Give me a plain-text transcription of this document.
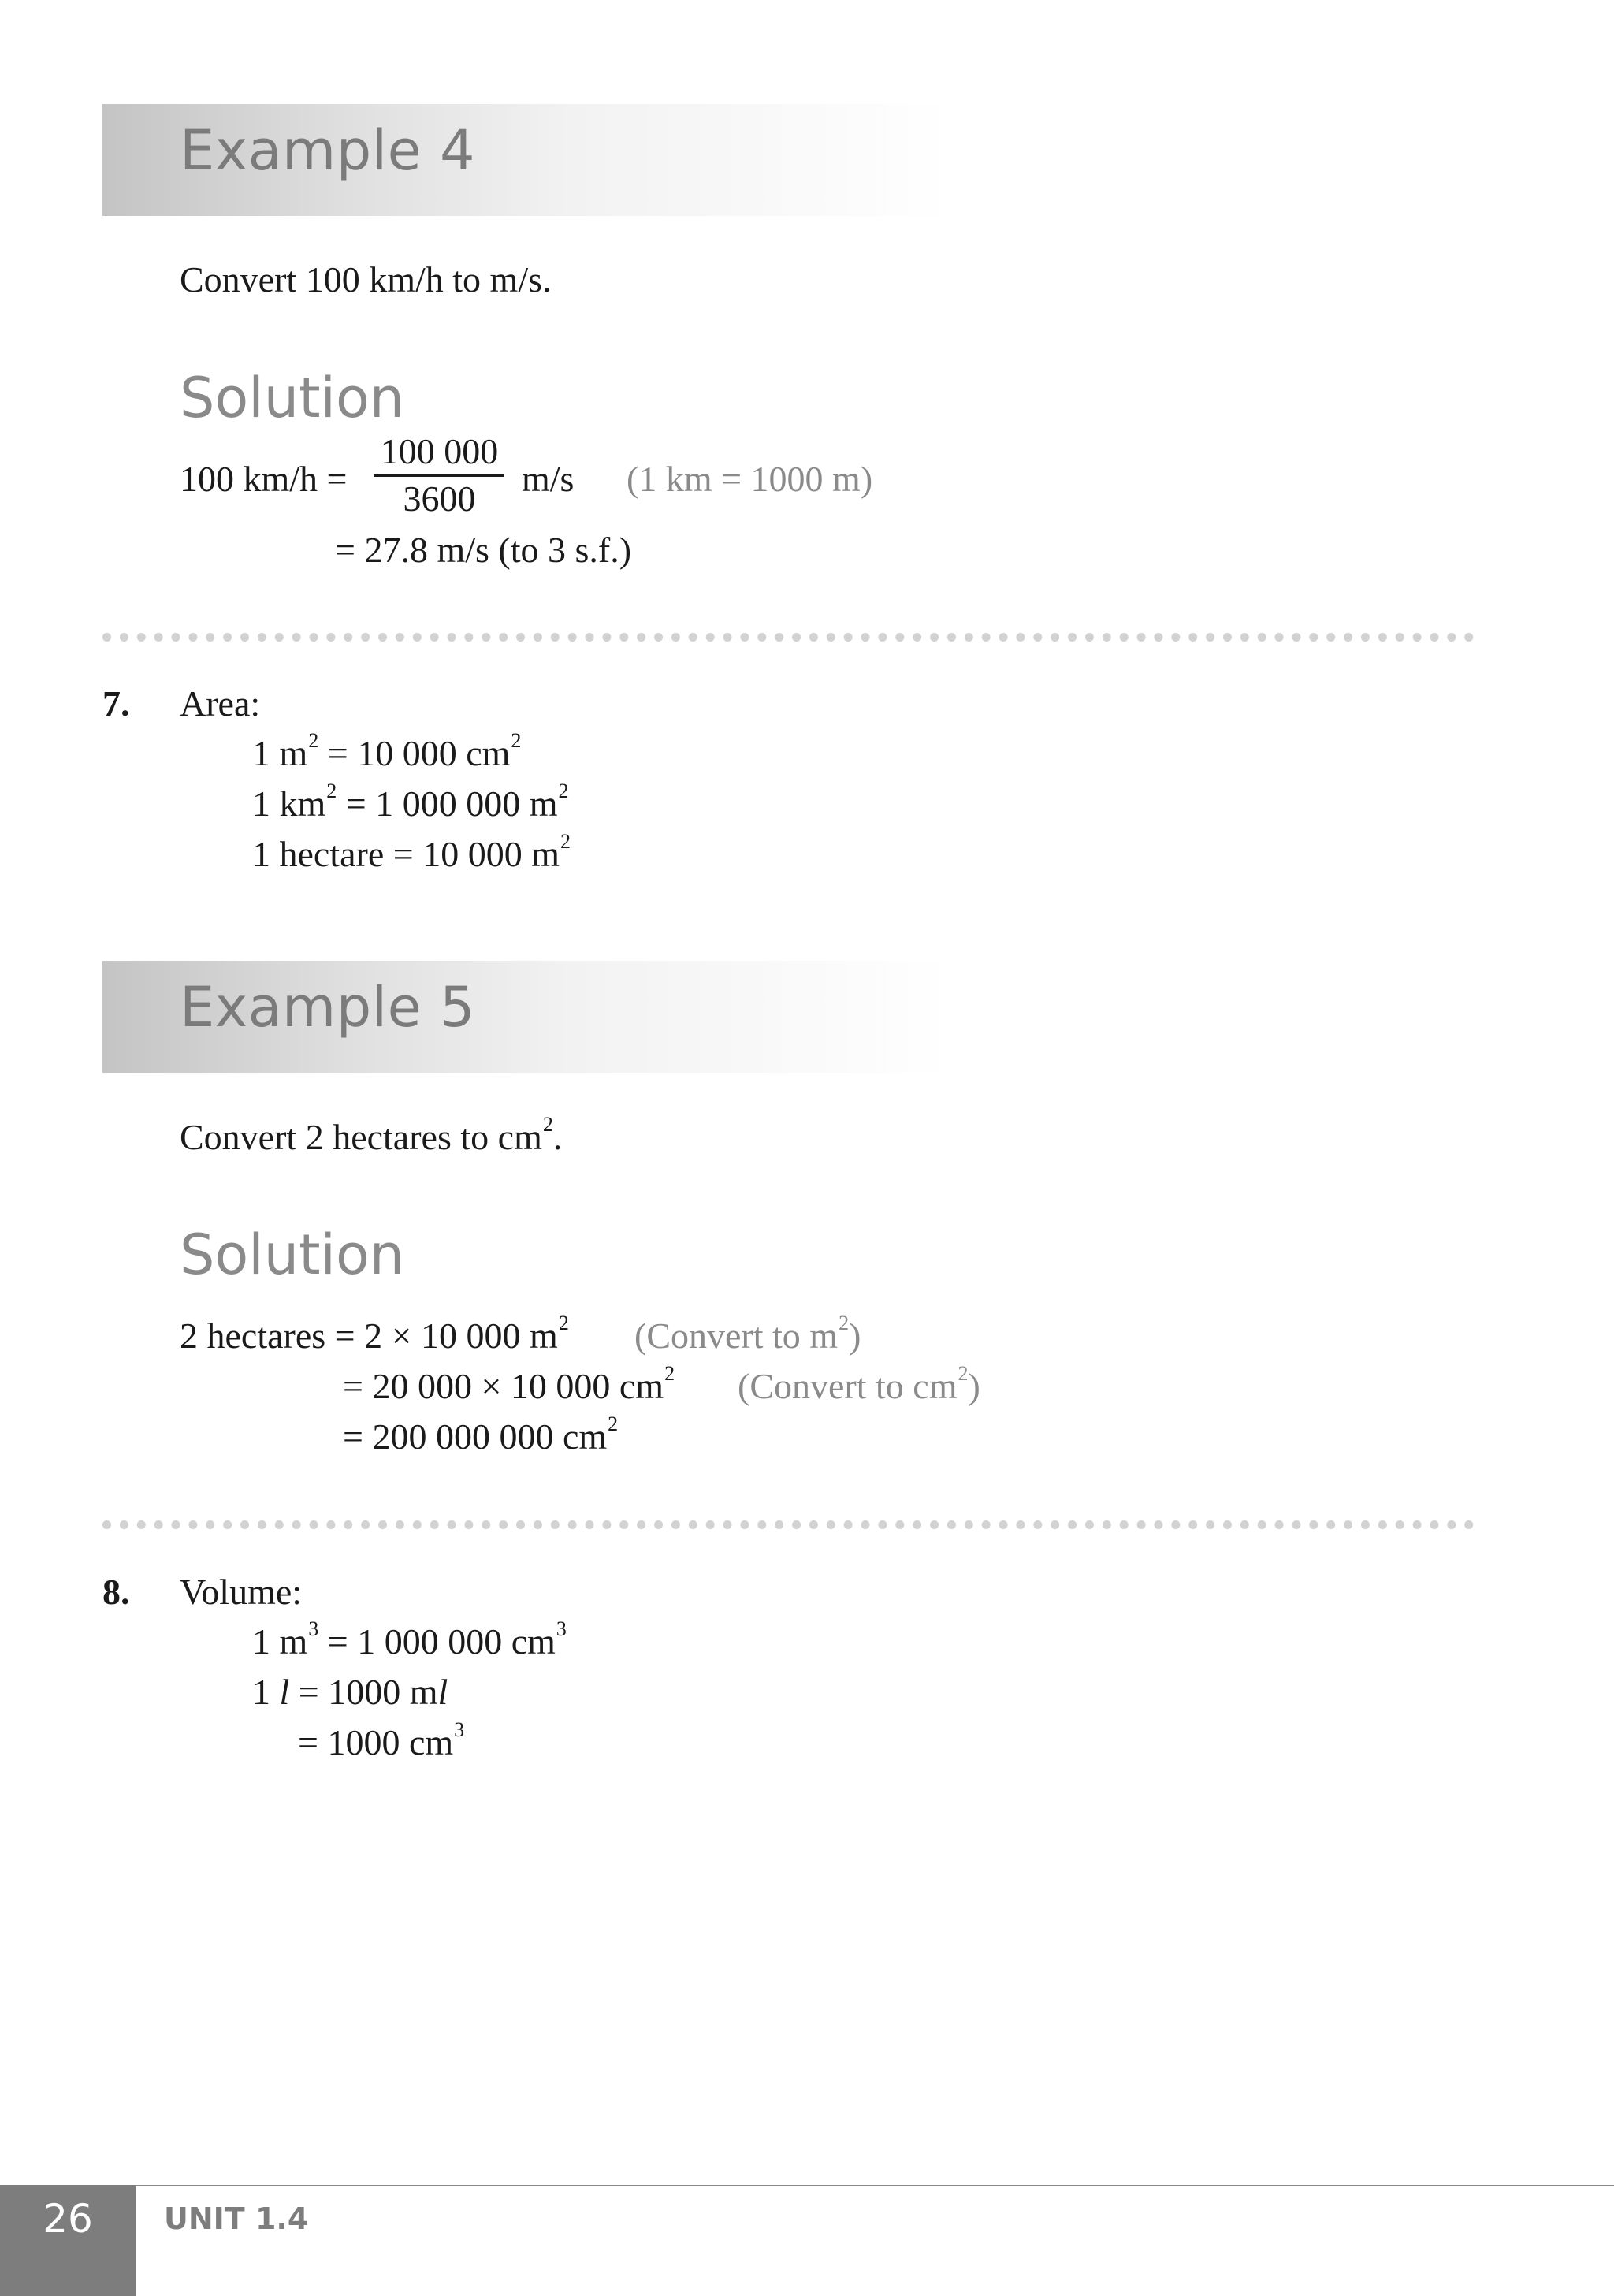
Example 4
Convert 100 km/h to m/s.
Solution
100 km/h =
100 000
3600	m/s (1 km = 1000 m)
= 27.8 m/s (to 3 s.f.)
7. Area:
1 $m^2 = 10$ 000 $cm^2$
1 $km^2 = 1$ 000 000 $m^2$
1 hectare = 10 000 $m^2$
Example 5
Convert 2 hectares to $cm^2$.
Solution
2 hectares = 2 × 10 000 $m^2$ (Convert to $m^2$)
= 20 000 × 10 000 $cm^2$ (Convert to $cm^2$)
= 200 000 000 $cm^2$
8. Volume:
1 $m^3 = 1$ 000 000 $cm^3$
1 l = 1000 ml
= 1000 $cm^3$
26	UNIT 1.4
